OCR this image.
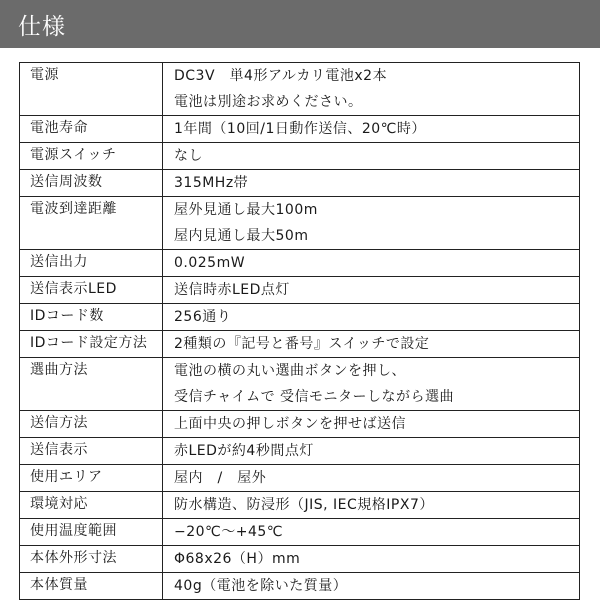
仕様
電源	DC3V　単4形アルカリ電池x2本
電池は別途お求めください。

電池寿命	1年間（10回/1日動作送信、20℃時）

電源スイッチ	なし

送信周波数	315MHz帯

電波到達距離	屋外見通し最大100m
屋内見通し最大50m

送信出力	0.025mW

送信表示LED	送信時赤LED点灯

IDコード数	256通り

IDコード設定方法	2種類の『記号と番号』スイッチで設定

選曲方法	電池の横の丸い選曲ボタンを押し、
受信チャイムで 受信モニターしながら選曲

送信方法	上面中央の押しボタンを押せば送信

送信表示	赤LEDが約4秒間点灯

使用エリア	屋内　/　屋外

環境対応	防水構造、防浸形（JIS, IEC規格IPX7）

使用温度範囲	−20℃〜+45℃

本体外形寸法	Φ68x26（H）mm

本体質量	40g（電池を除いた質量）
